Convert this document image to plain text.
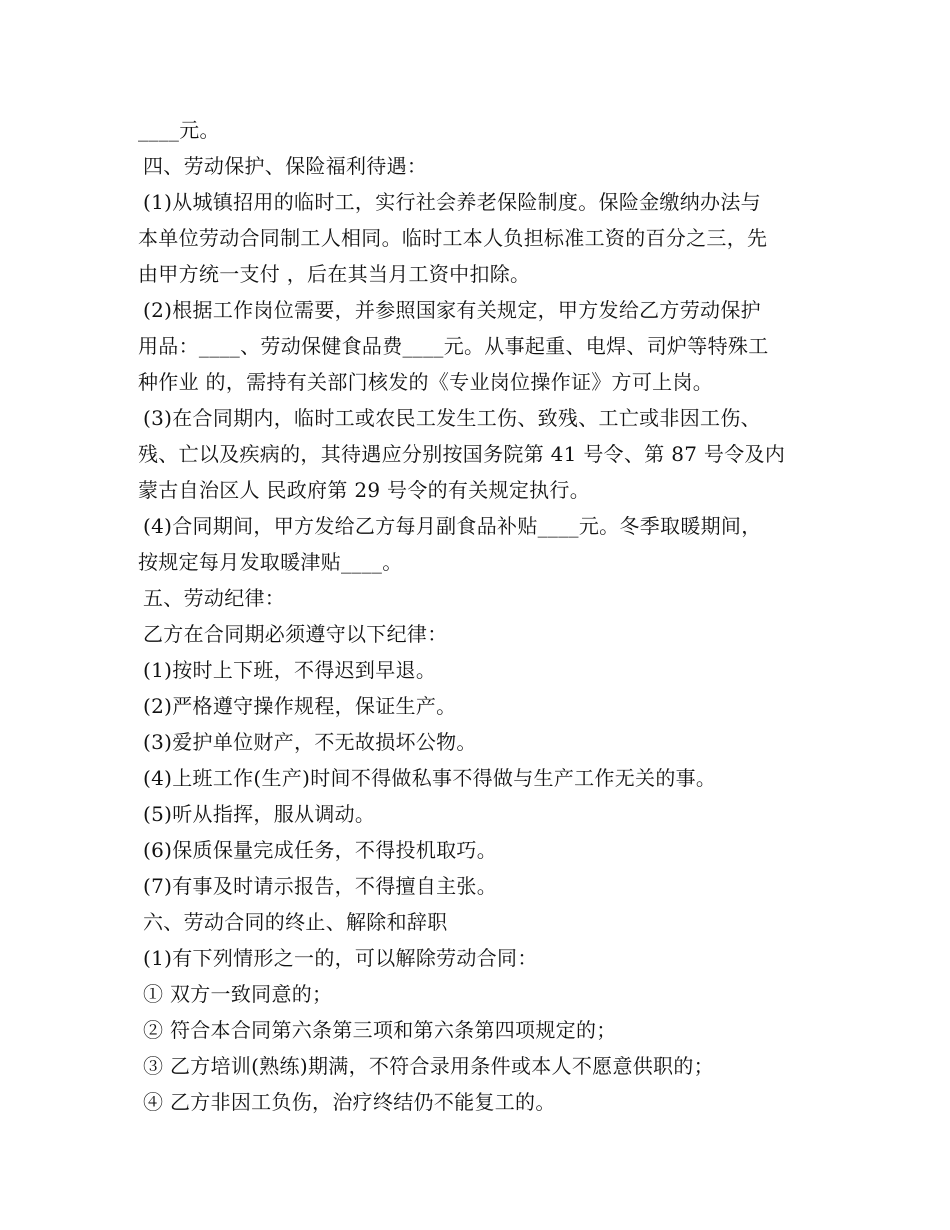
____元。
四、劳动保护、保险福利待遇：
(1)从城镇招用的临时工，实行社会养老保险制度。保险金缴纳办法与
本单位劳动合同制工人相同。临时工本人负担标准工资的百分之三，先
由甲方统一支付 ，后在其当月工资中扣除。
(2)根据工作岗位需要，并参照国家有关规定，甲方发给乙方劳动保护
用品：____、劳动保健食品费____元。从事起重、电焊、司炉等特殊工
种作业 的，需持有关部门核发的《专业岗位操作证》方可上岗。
(3)在合同期内，临时工或农民工发生工伤、致残、工亡或非因工伤、
残、亡以及疾病的，其待遇应分别按国务院第 41 号令、第 87 号令及内
蒙古自治区人 民政府第 29 号令的有关规定执行。
(4)合同期间，甲方发给乙方每月副食品补贴____元。冬季取暖期间，
按规定每月发取暖津贴____。
五、劳动纪律：
乙方在合同期必须遵守以下纪律：
(1)按时上下班，不得迟到早退。
(2)严格遵守操作规程，保证生产。
(3)爱护单位财产，不无故损坏公物。
(4)上班工作(生产)时间不得做私事不得做与生产工作无关的事。
(5)听从指挥，服从调动。
(6)保质保量完成任务，不得投机取巧。
(7)有事及时请示报告，不得擅自主张。
六、劳动合同的终止、解除和辞职
(1)有下列情形之一的，可以解除劳动合同：
① 双方一致同意的；
② 符合本合同第六条第三项和第六条第四项规定的；
③ 乙方培训(熟练)期满，不符合录用条件或本人不愿意供职的；
④ 乙方非因工负伤，治疗终结仍不能复工的。
